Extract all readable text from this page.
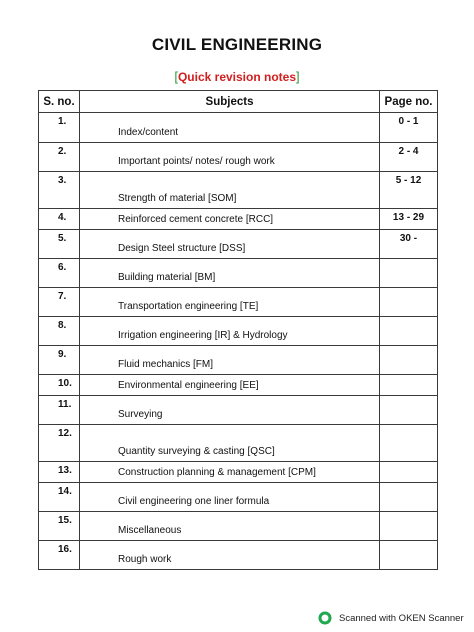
CIVIL ENGINEERING
[Quick revision notes]
S. no.	Subjects	Page no.
1.	Index/content	0 - 1
2.	Important points/ notes/ rough work	2 - 4
3.	Strength of material [SOM]	5 - 12
4.	Reinforced cement concrete [RCC]	13 - 29
5.	Design Steel structure [DSS]	30 -
6.	Building material [BM]	

7.	Transportation engineering [TE]	

8.	Irrigation engineering [IR] & Hydrology	

9.	Fluid mechanics [FM]	

10.	Environmental engineering [EE]	

11.	Surveying	

12.	Quantity surveying & casting [QSC]	

13.	Construction planning & management [CPM]	

14.	Civil engineering one liner formula	

15.	Miscellaneous	

16.	Rough work	

Scanned with OKEN Scanner
